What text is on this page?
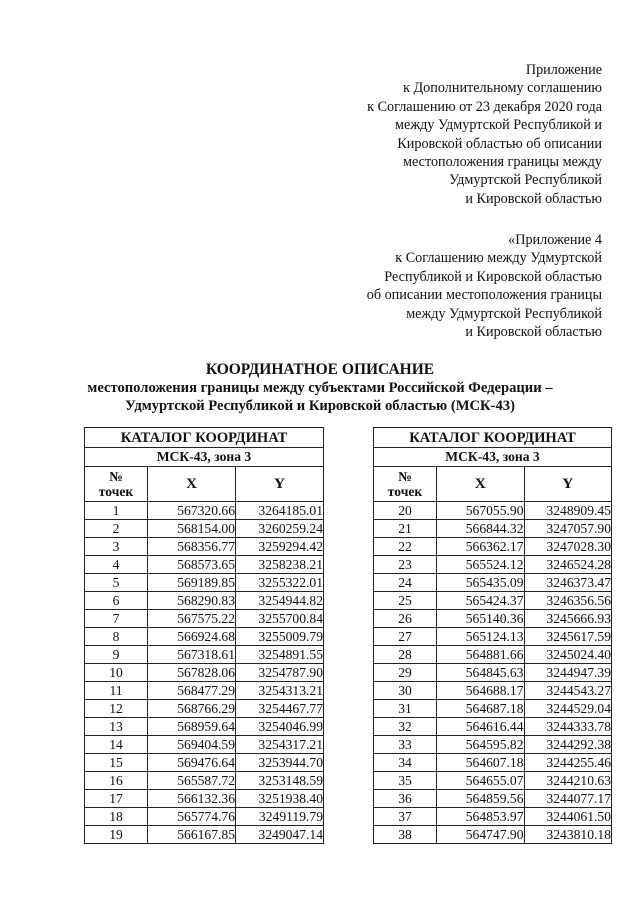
Приложение
к Дополнительному соглашению
к Соглашению от 23 декабря 2020 года
между Удмуртской Республикой и
Кировской областью об описании
местоположения границы между
Удмуртской Республикой
и Кировской областью
«Приложение 4
к Соглашению между Удмуртской
Республикой и Кировской областью
об описании местоположения границы
между Удмуртской Республикой
и Кировской областью
КООРДИНАТНОЕ ОПИСАНИЕ
местоположения границы между субъектами Российской Федерации –
Удмуртской Республикой и Кировской областью (МСК-43)
КАТАЛОГ КООРДИНАТ		
МСК-43, зона 3		
№
точек	X	Y
1	567320.66	3264185.01
2	568154.00	3260259.24
3	568356.77	3259294.42
4	568573.65	3258238.21
5	569189.85	3255322.01
6	568290.83	3254944.82
7	567575.22	3255700.84
8	566924.68	3255009.79
9	567318.61	3254891.55
10	567828.06	3254787.90
11	568477.29	3254313.21
12	568766.29	3254467.77
13	568959.64	3254046.99
14	569404.59	3254317.21
15	569476.64	3253944.70
16	565587.72	3253148.59
17	566132.36	3251938.40
18	565774.76	3249119.79
19	566167.85	3249047.14
КАТАЛОГ КООРДИНАТ		
МСК-43, зона 3		
№
точек	X	Y
20	567055.90	3248909.45
21	566844.32	3247057.90
22	566362.17	3247028.30
23	565524.12	3246524.28
24	565435.09	3246373.47
25	565424.37	3246356.56
26	565140.36	3245666.93
27	565124.13	3245617.59
28	564881.66	3245024.40
29	564845.63	3244947.39
30	564688.17	3244543.27
31	564687.18	3244529.04
32	564616.44	3244333.78
33	564595.82	3244292.38
34	564607.18	3244255.46
35	564655.07	3244210.63
36	564859.56	3244077.17
37	564853.97	3244061.50
38	564747.90	3243810.18
